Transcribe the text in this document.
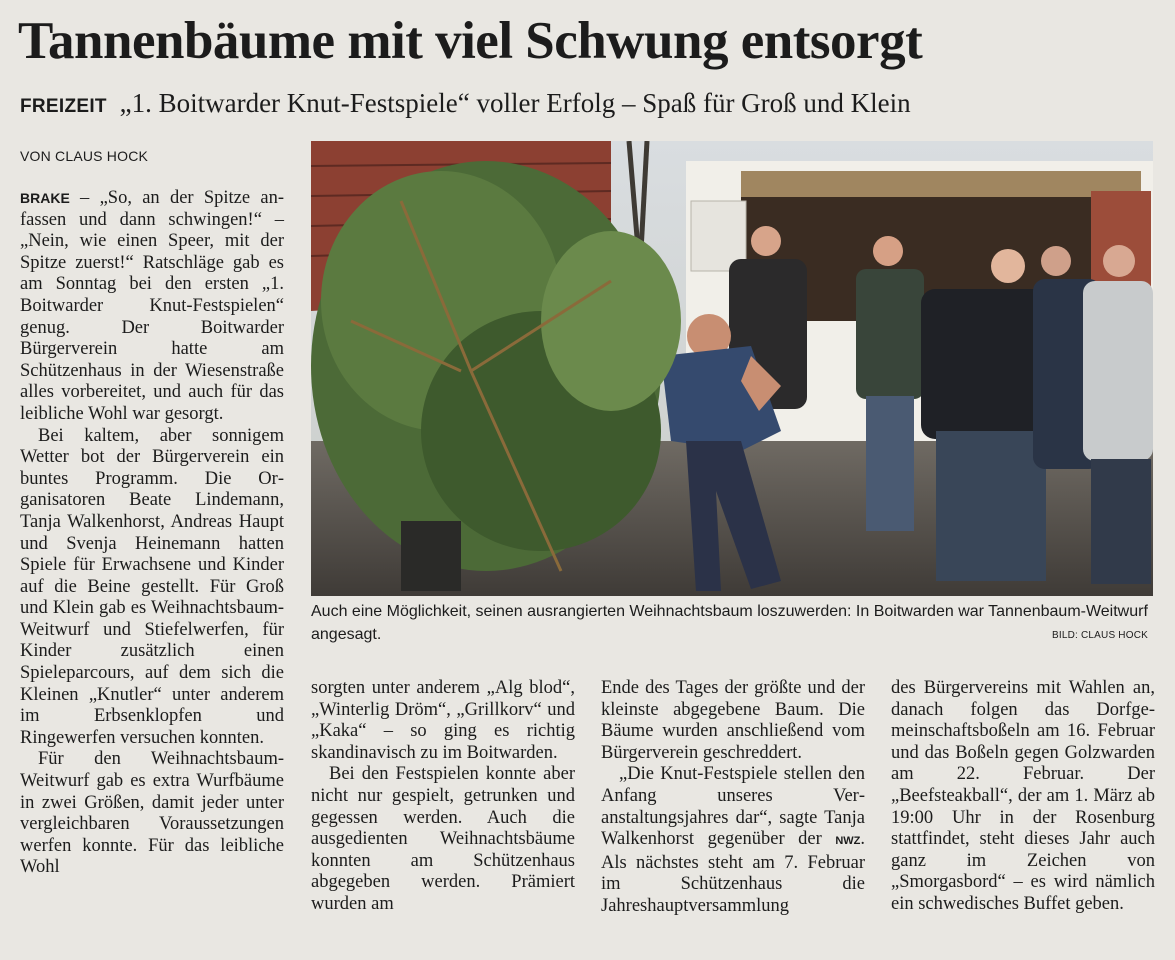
Tannenbäume mit viel Schwung entsorgt
FREIZEIT „1. Boitwarder Knut-Festspiele“ voller Erfolg – Spaß für Groß und Klein
VON CLAUS HOCK

BRAKE – „So, an der Spitze anfassen und dann schwingen!“ – „Nein, wie einen Speer, mit der Spitze zuerst!“ Ratschläge gab es am Sonntag bei den ersten „1. Boitwarder Knut-Festspielen“ genug. Der Boitwarder Bürgerverein hatte am Schützenhaus in der Wiesenstraße alles vorbereitet, und auch für das leibliche Wohl war gesorgt.

Bei kaltem, aber sonnigem Wetter bot der Bürgerverein ein buntes Programm. Die Organisatoren Beate Lindemann, Tanja Walkenhorst, Andreas Haupt und Svenja Heinemann hatten Spiele für Erwachsene und Kinder auf die Beine gestellt. Für Groß und Klein gab es Weihnachtsbaum-Weitwurf und Stiefelwerfen, für Kinder zusätzlich einen Spieleparcours, auf dem sich die Kleinen „Knutler“ unter anderem im Erbsenklopfen und Ringewerfen versuchen konnten.

Für den Weihnachtsbaum-Weitwurf gab es extra Wurfbäume in zwei Größen, damit jeder unter vergleichbaren Voraussetzungen werfen konnte. Für das leibliche Wohl

Auch eine Möglichkeit, seinen ausrangierten Weihnachtsbaum loszuwerden: In Boitwarden war Tannenbaum-Weitwurf angesagt.	BILD: CLAUS HOCK

sorgten unter anderem „Alg blod“, „Winterlig Dröm“, „Grillkorv“ und „Kaka“ – so ging es richtig skandinavisch zu im Boitwarden.

Bei den Festspielen konnte aber nicht nur gespielt, getrunken und gegessen werden. Auch die ausgedienten Weihnachtsbäume konnten am Schützenhaus abgegeben werden. Prämiert wurden am

Ende des Tages der größte und der kleinste abgegebene Baum. Die Bäume wurden anschließend vom Bürgerverein geschreddert.

„Die Knut-Festspiele stellen den Anfang unseres Veranstaltungsjahres dar“, sagte Tanja Walkenhorst gegenüber der NWZ. Als nächstes steht am 7. Februar im Schützenhaus die Jahreshauptversammlung

des Bürgervereins mit Wahlen an, danach folgen das Dorfgemeinschaftsboßeln am 16. Februar und das Boßeln gegen Golzwarden am 22. Februar. Der „Beefsteakball“, der am 1. März ab 19:00 Uhr in der Rosenburg stattfindet, steht dieses Jahr auch ganz im Zeichen von „Smorgasbord“ – es wird nämlich ein schwedisches Buffet geben.
